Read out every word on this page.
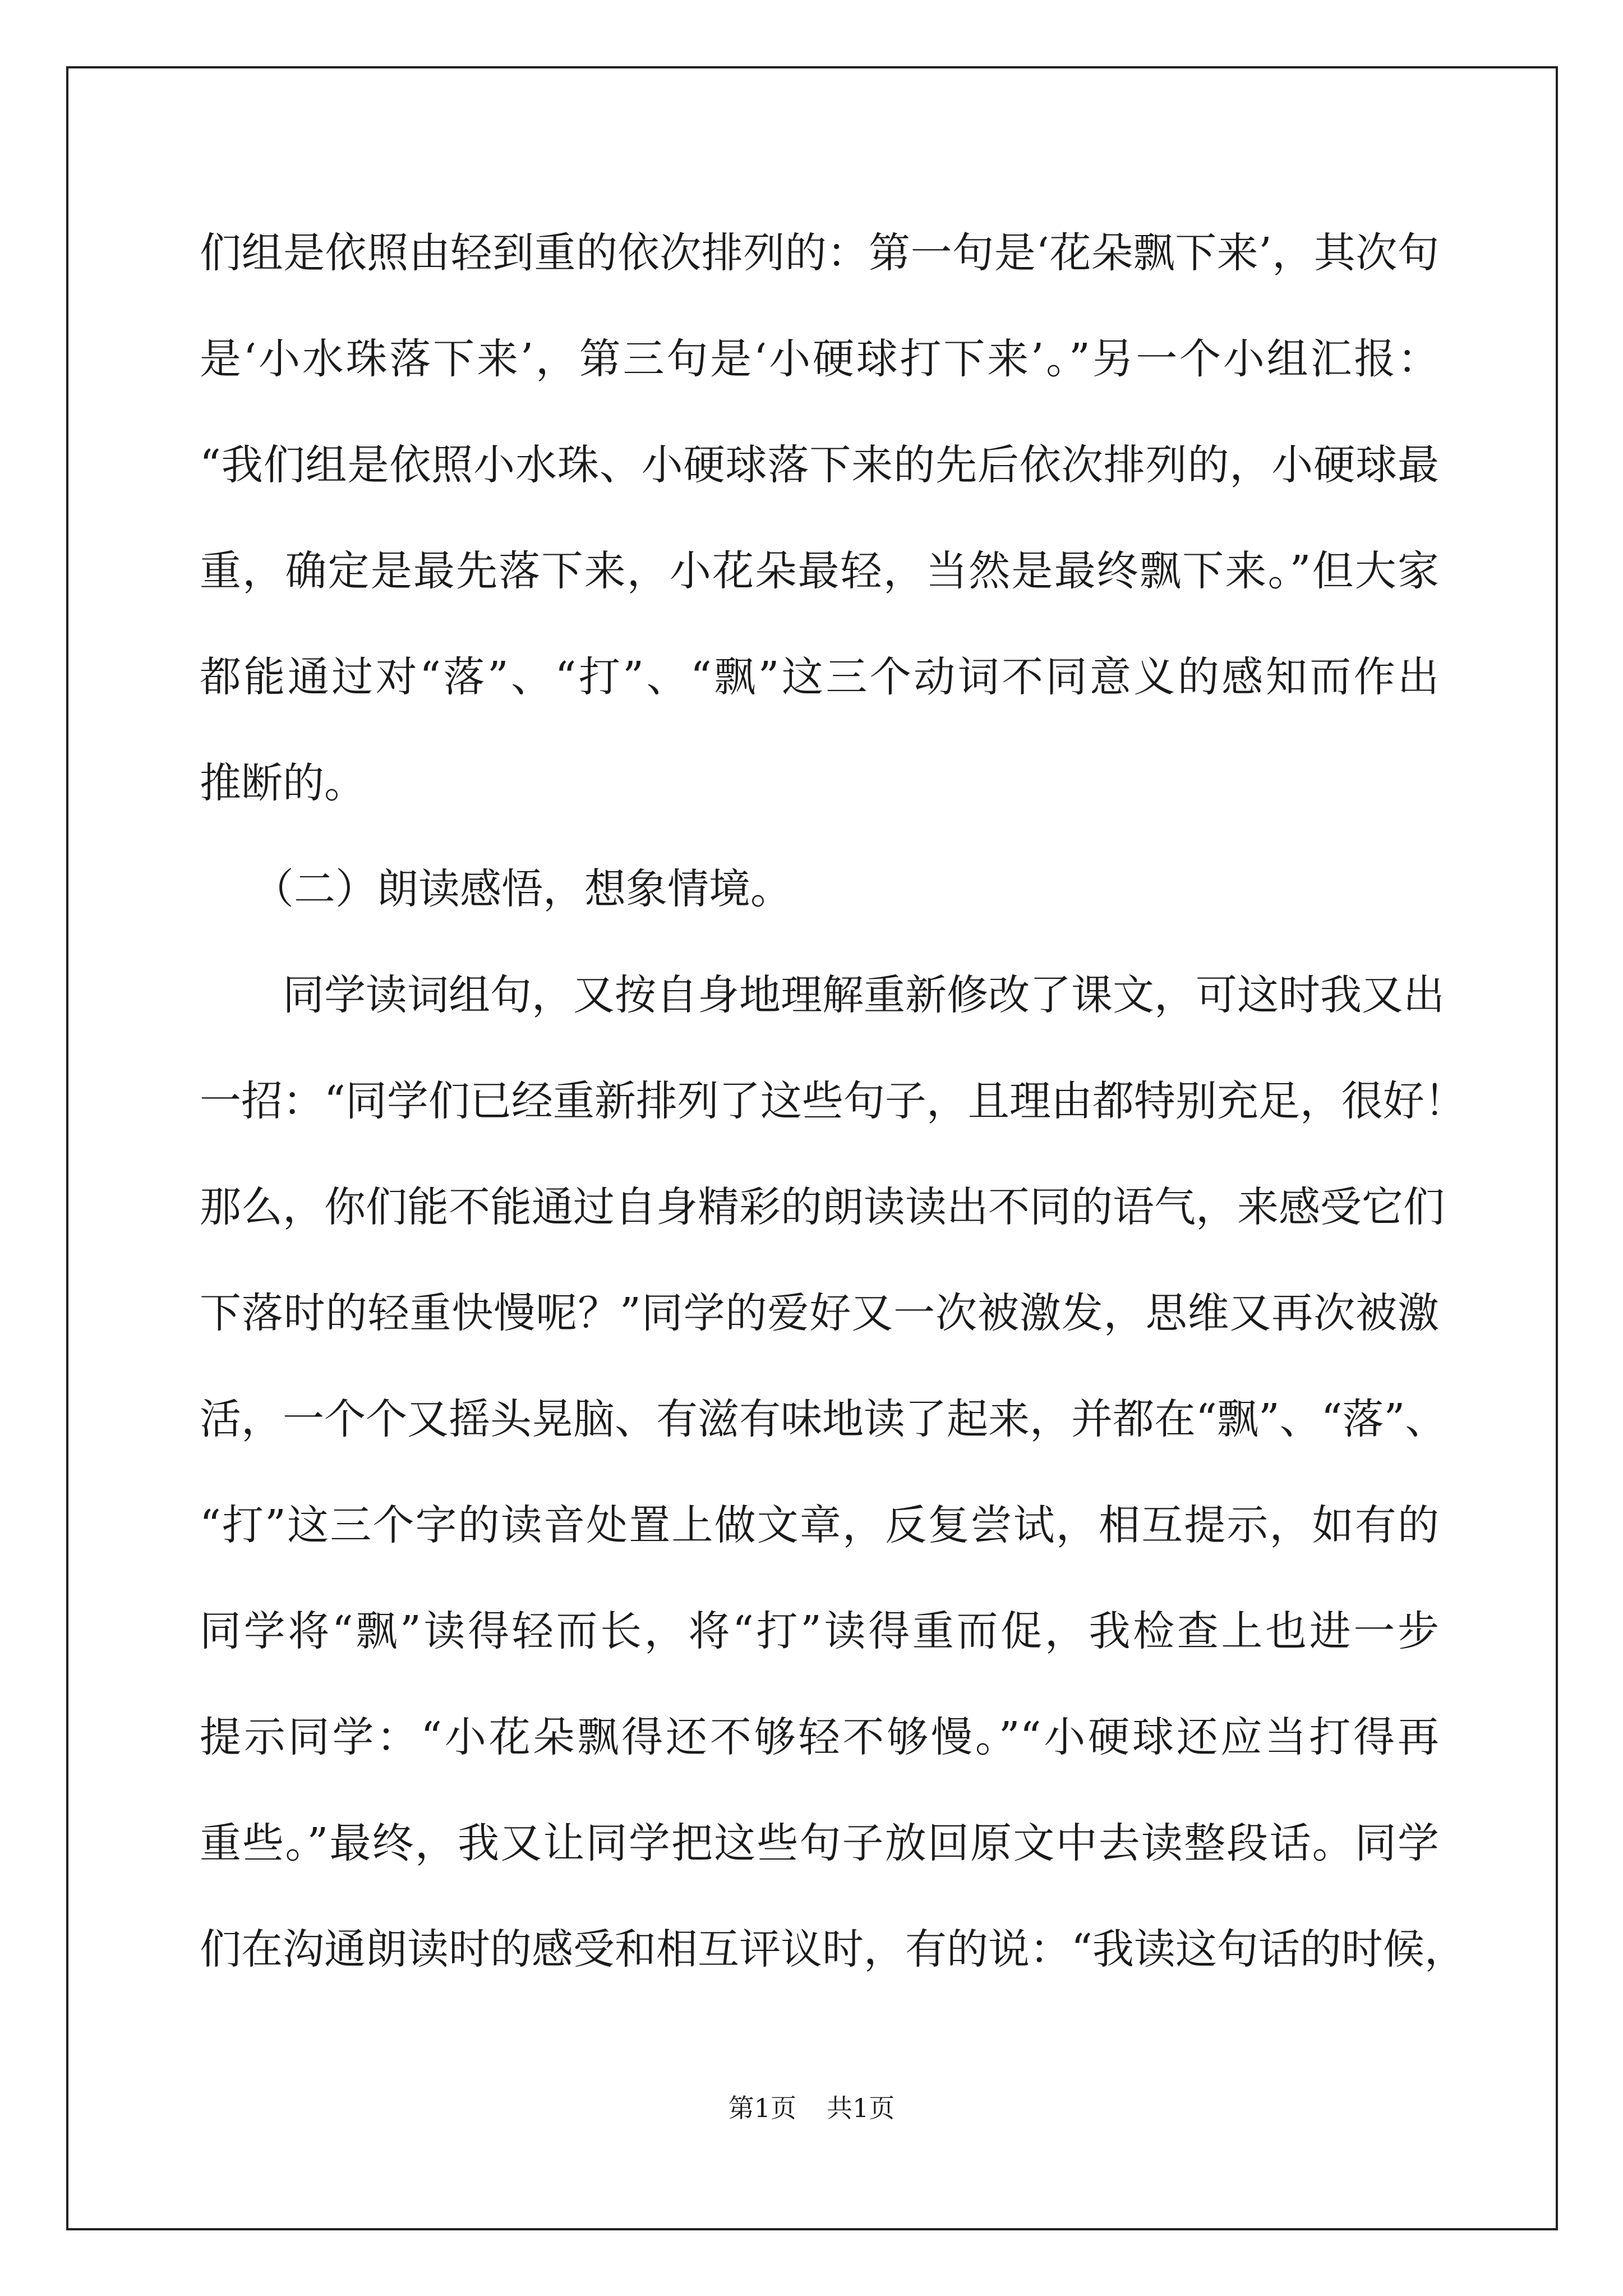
们组是依照由轻到重的依次排列的：第一句是‘花朵飘下来’，其次句
是‘小水珠落下来’，第三句是‘小硬球打下来’。”另一个小组汇报：
“我们组是依照小水珠、小硬球落下来的先后依次排列的，小硬球最
重，确定是最先落下来，小花朵最轻，当然是最终飘下来。”但大家
都能通过对“落”、“打”、“飘”这三个动词不同意义的感知而作出
推断的。
（二）朗读感悟，想象情境。
同学读词组句，又按自身地理解重新修改了课文，可这时我又出
一招：“同学们已经重新排列了这些句子，且理由都特别充足，很好！
那么，你们能不能通过自身精彩的朗读读出不同的语气，来感受它们
下落时的轻重快慢呢？”同学的爱好又一次被激发，思维又再次被激
活，一个个又摇头晃脑、有滋有味地读了起来，并都在“飘”、“落”、
“打”这三个字的读音处置上做文章，反复尝试，相互提示，如有的
同学将“飘”读得轻而长，将“打”读得重而促，我检查上也进一步
提示同学：“小花朵飘得还不够轻不够慢。”“小硬球还应当打得再
重些。”最终，我又让同学把这些句子放回原文中去读整段话。同学
们在沟通朗读时的感受和相互评议时，有的说：“我读这句话的时候，
第1页 共1页
